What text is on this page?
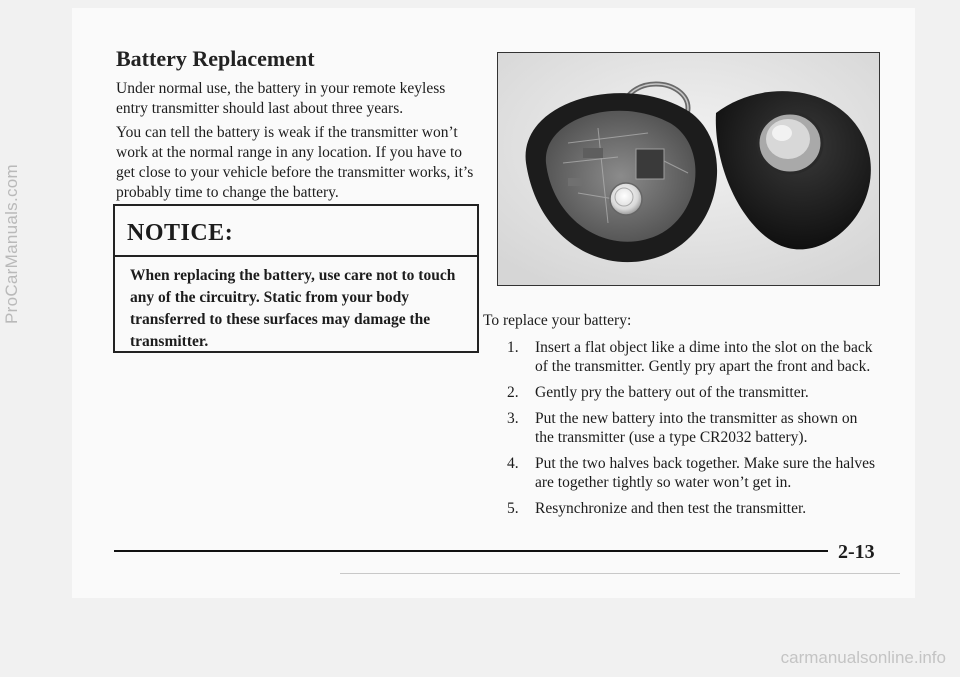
ProCarManuals.com
Battery Replacement

Under normal use, the battery in your remote keyless entry transmitter should last about three years.

You can tell the battery is weak if the transmitter won’t work at the normal range in any location. If you have to get close to your vehicle before the transmitter works, it’s probably time to change the battery.

NOTICE:

When replacing the battery, use care not to touch any of the circuitry. Static from your body transferred to these surfaces may damage the transmitter.

To replace your battery:

1.	Insert a flat object like a dime into the slot on the back of the transmitter. Gently pry apart the front and back.
2.	Gently pry the battery out of the transmitter.
3.	Put the new battery into the transmitter as shown on the transmitter (use a type CR2032 battery).
4.	Put the two halves back together. Make sure the halves are together tightly so water won’t get in.
5.	Resynchronize and then test the transmitter.
2-13
carmanualsonline.info
